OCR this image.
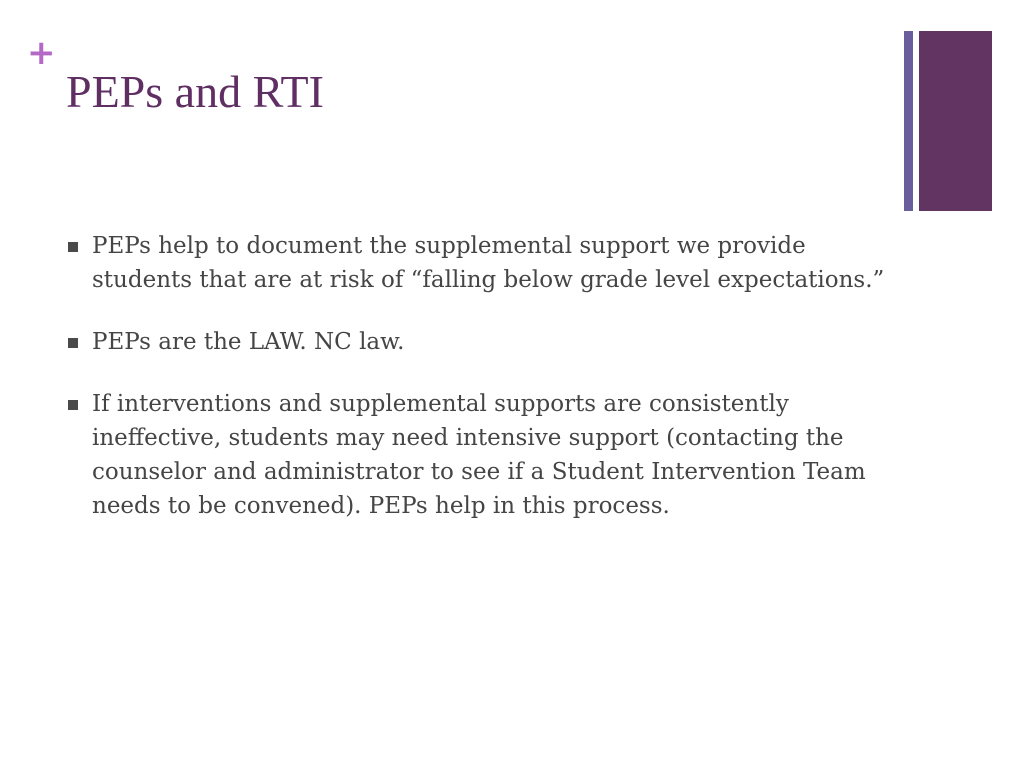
+
PEPs and RTI
PEPs help to document the supplemental support we provide students that are at risk of “falling below grade level expectations.”
PEPs are the LAW. NC law.
If interventions and supplemental supports are consistently ineffective, students may need intensive support (contacting the counselor and administrator to see if a Student Intervention Team needs to be convened). PEPs help in this process.
